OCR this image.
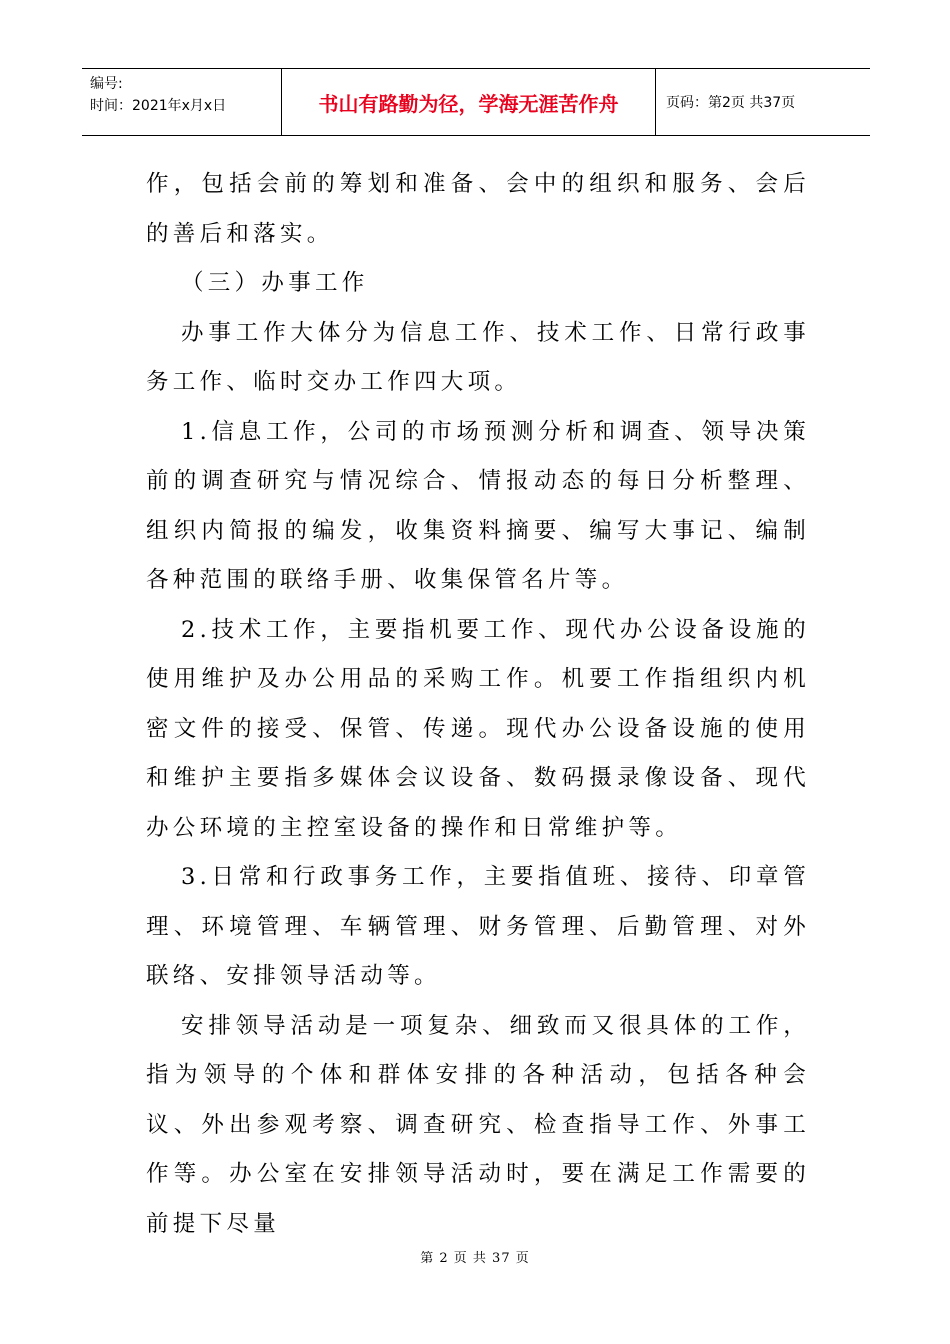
编号:
时间：2021年x月x日	书山有路勤为径，学海无涯苦作舟	页码：第2页 共37页

作，包括会前的筹划和准备、会中的组织和服务、会后的善后和落实。

（三）办事工作

办事工作大体分为信息工作、技术工作、日常行政事务工作、临时交办工作四大项。

1.信息工作，公司的市场预测分析和调查、领导决策前的调查研究与情况综合、情报动态的每日分析整理、组织内简报的编发，收集资料摘要、编写大事记、编制各种范围的联络手册、收集保管名片等。

2.技术工作，主要指机要工作、现代办公设备设施的使用维护及办公用品的采购工作。机要工作指组织内机密文件的接受、保管、传递。现代办公设备设施的使用和维护主要指多媒体会议设备、数码摄录像设备、现代办公环境的主控室设备的操作和日常维护等。

3.日常和行政事务工作，主要指值班、接待、印章管理、环境管理、车辆管理、财务管理、后勤管理、对外联络、安排领导活动等。

安排领导活动是一项复杂、细致而又很具体的工作，指为领导的个体和群体安排的各种活动，包括各种会议、外出参观考察、调查研究、检查指导工作、外事工作等。办公室在安排领导活动时，要在满足工作需要的前提下尽量

第 2 页 共 37 页
